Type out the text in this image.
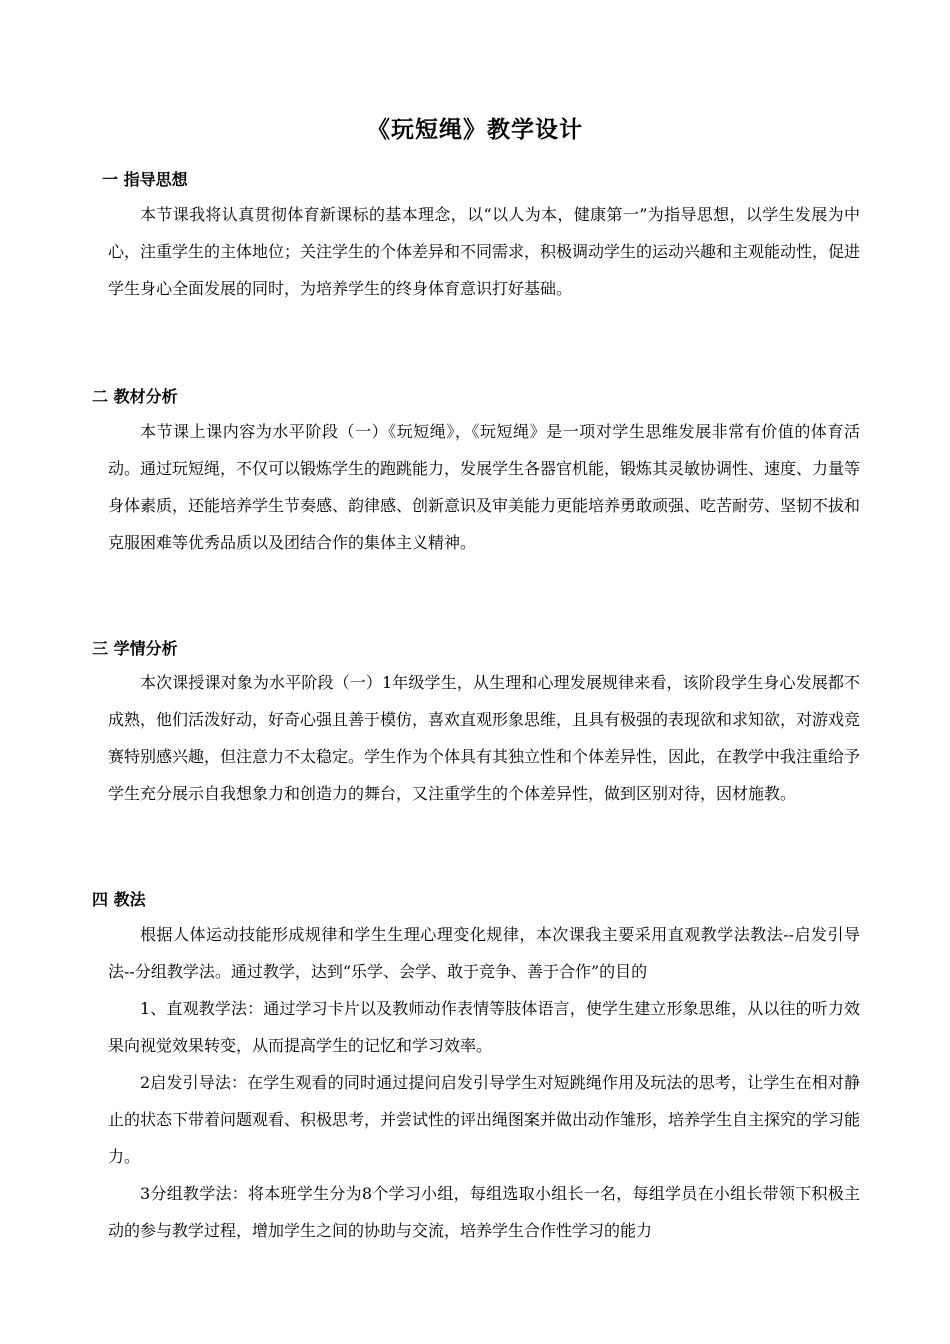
《玩短绳》教学设计
一 指导思想
本节课我将认真贯彻体育新课标的基本理念，以“以人为本，健康第一”为指导思想，以学生发展为中心，注重学生的主体地位；关注学生的个体差异和不同需求，积极调动学生的运动兴趣和主观能动性，促进学生身心全面发展的同时，为培养学生的终身体育意识打好基础。
二 教材分析
本节课上课内容为水平阶段（一）《玩短绳》，《玩短绳》是一项对学生思维发展非常有价值的体育活动。通过玩短绳，不仅可以锻炼学生的跑跳能力，发展学生各器官机能，锻炼其灵敏协调性、速度、力量等身体素质，还能培养学生节奏感、韵律感、创新意识及审美能力更能培养勇敢顽强、吃苦耐劳、坚韧不拔和克服困难等优秀品质以及团结合作的集体主义精神。
三 学情分析
本次课授课对象为水平阶段（一）1年级学生，从生理和心理发展规律来看，该阶段学生身心发展都不成熟，他们活泼好动，好奇心强且善于模仿，喜欢直观形象思维，且具有极强的表现欲和求知欲，对游戏竞赛特别感兴趣，但注意力不太稳定。学生作为个体具有其独立性和个体差异性，因此，在教学中我注重给予学生充分展示自我想象力和创造力的舞台，又注重学生的个体差异性，做到区别对待，因材施教。
四 教法
根据人体运动技能形成规律和学生生理心理变化规律，本次课我主要采用直观教学法教法--启发引导法--分组教学法。通过教学，达到“乐学、会学、敢于竞争、善于合作”的目的
1、直观教学法：通过学习卡片以及教师动作表情等肢体语言，使学生建立形象思维，从以往的听力效果向视觉效果转变，从而提高学生的记忆和学习效率。
2启发引导法：在学生观看的同时通过提问启发引导学生对短跳绳作用及玩法的思考，让学生在相对静止的状态下带着问题观看、积极思考，并尝试性的评出绳图案并做出动作雏形，培养学生自主探究的学习能力。
3分组教学法：将本班学生分为8个学习小组，每组选取小组长一名，每组学员在小组长带领下积极主动的参与教学过程，增加学生之间的协助与交流，培养学生合作性学习的能力
